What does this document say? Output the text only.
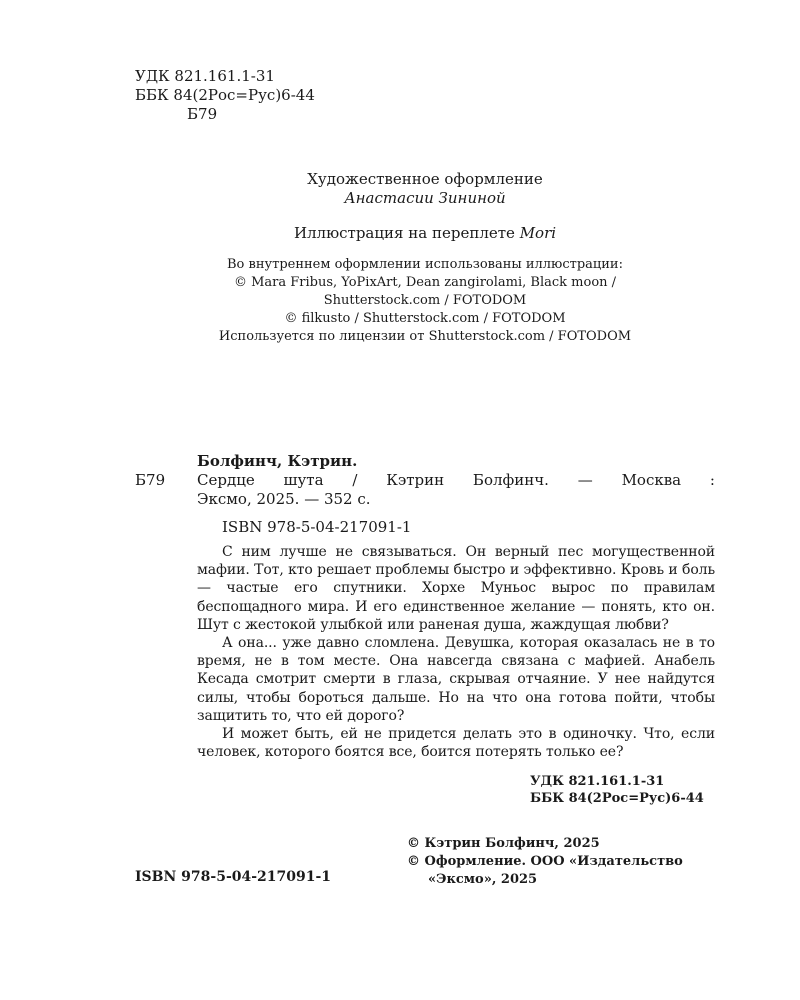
УДК 821.161.1-31
ББК 84(2Рос=Рус)6-44
Б79
Художественное оформление
Анастасии Зининой
Иллюстрация на переплете Mori
Во внутреннем оформлении использованы иллюстрации:
© Mara Fribus, YoPixArt, Dean zangirolami, Black moon /
Shutterstock.com / FOTODOM
© filkusto / Shutterstock.com / FOTODOM
Используется по лицензии от Shutterstock.com / FOTODOM
Болфинч, Кэтрин.
Б79 Сердце шута / Кэтрин Болфинч. — Москва :
Эксмо, 2025. — 352 с.
ISBN 978-5-04-217091-1

С ним лучше не связываться. Он верный пес могущественной мафии. Тот, кто решает проблемы быстро и эффективно. Кровь и боль — частые его спутники. Хорхе Муньос вырос по правилам беспощадного мира. И его единственное желание — понять, кто он. Шут с жестокой улыбкой или раненая душа, жаждущая любви?

А она... уже давно сломлена. Девушка, которая оказалась не в то время, не в том месте. Она навсегда связана с мафией. Анабель Кесада смотрит смерти в глаза, скрывая отчаяние. У нее найдутся силы, чтобы бороться дальше. Но на что она готова пойти, чтобы защитить то, что ей дорого?

И может быть, ей не придется делать это в одиночку. Что, если человек, которого боятся все, боится потерять только ее?

УДК 821.161.1-31
ББК 84(2Рос=Рус)6-44
ISBN 978-5-04-217091-1
© Кэтрин Болфинч, 2025
© Оформление. ООО «Издательство
«Эксмо», 2025
